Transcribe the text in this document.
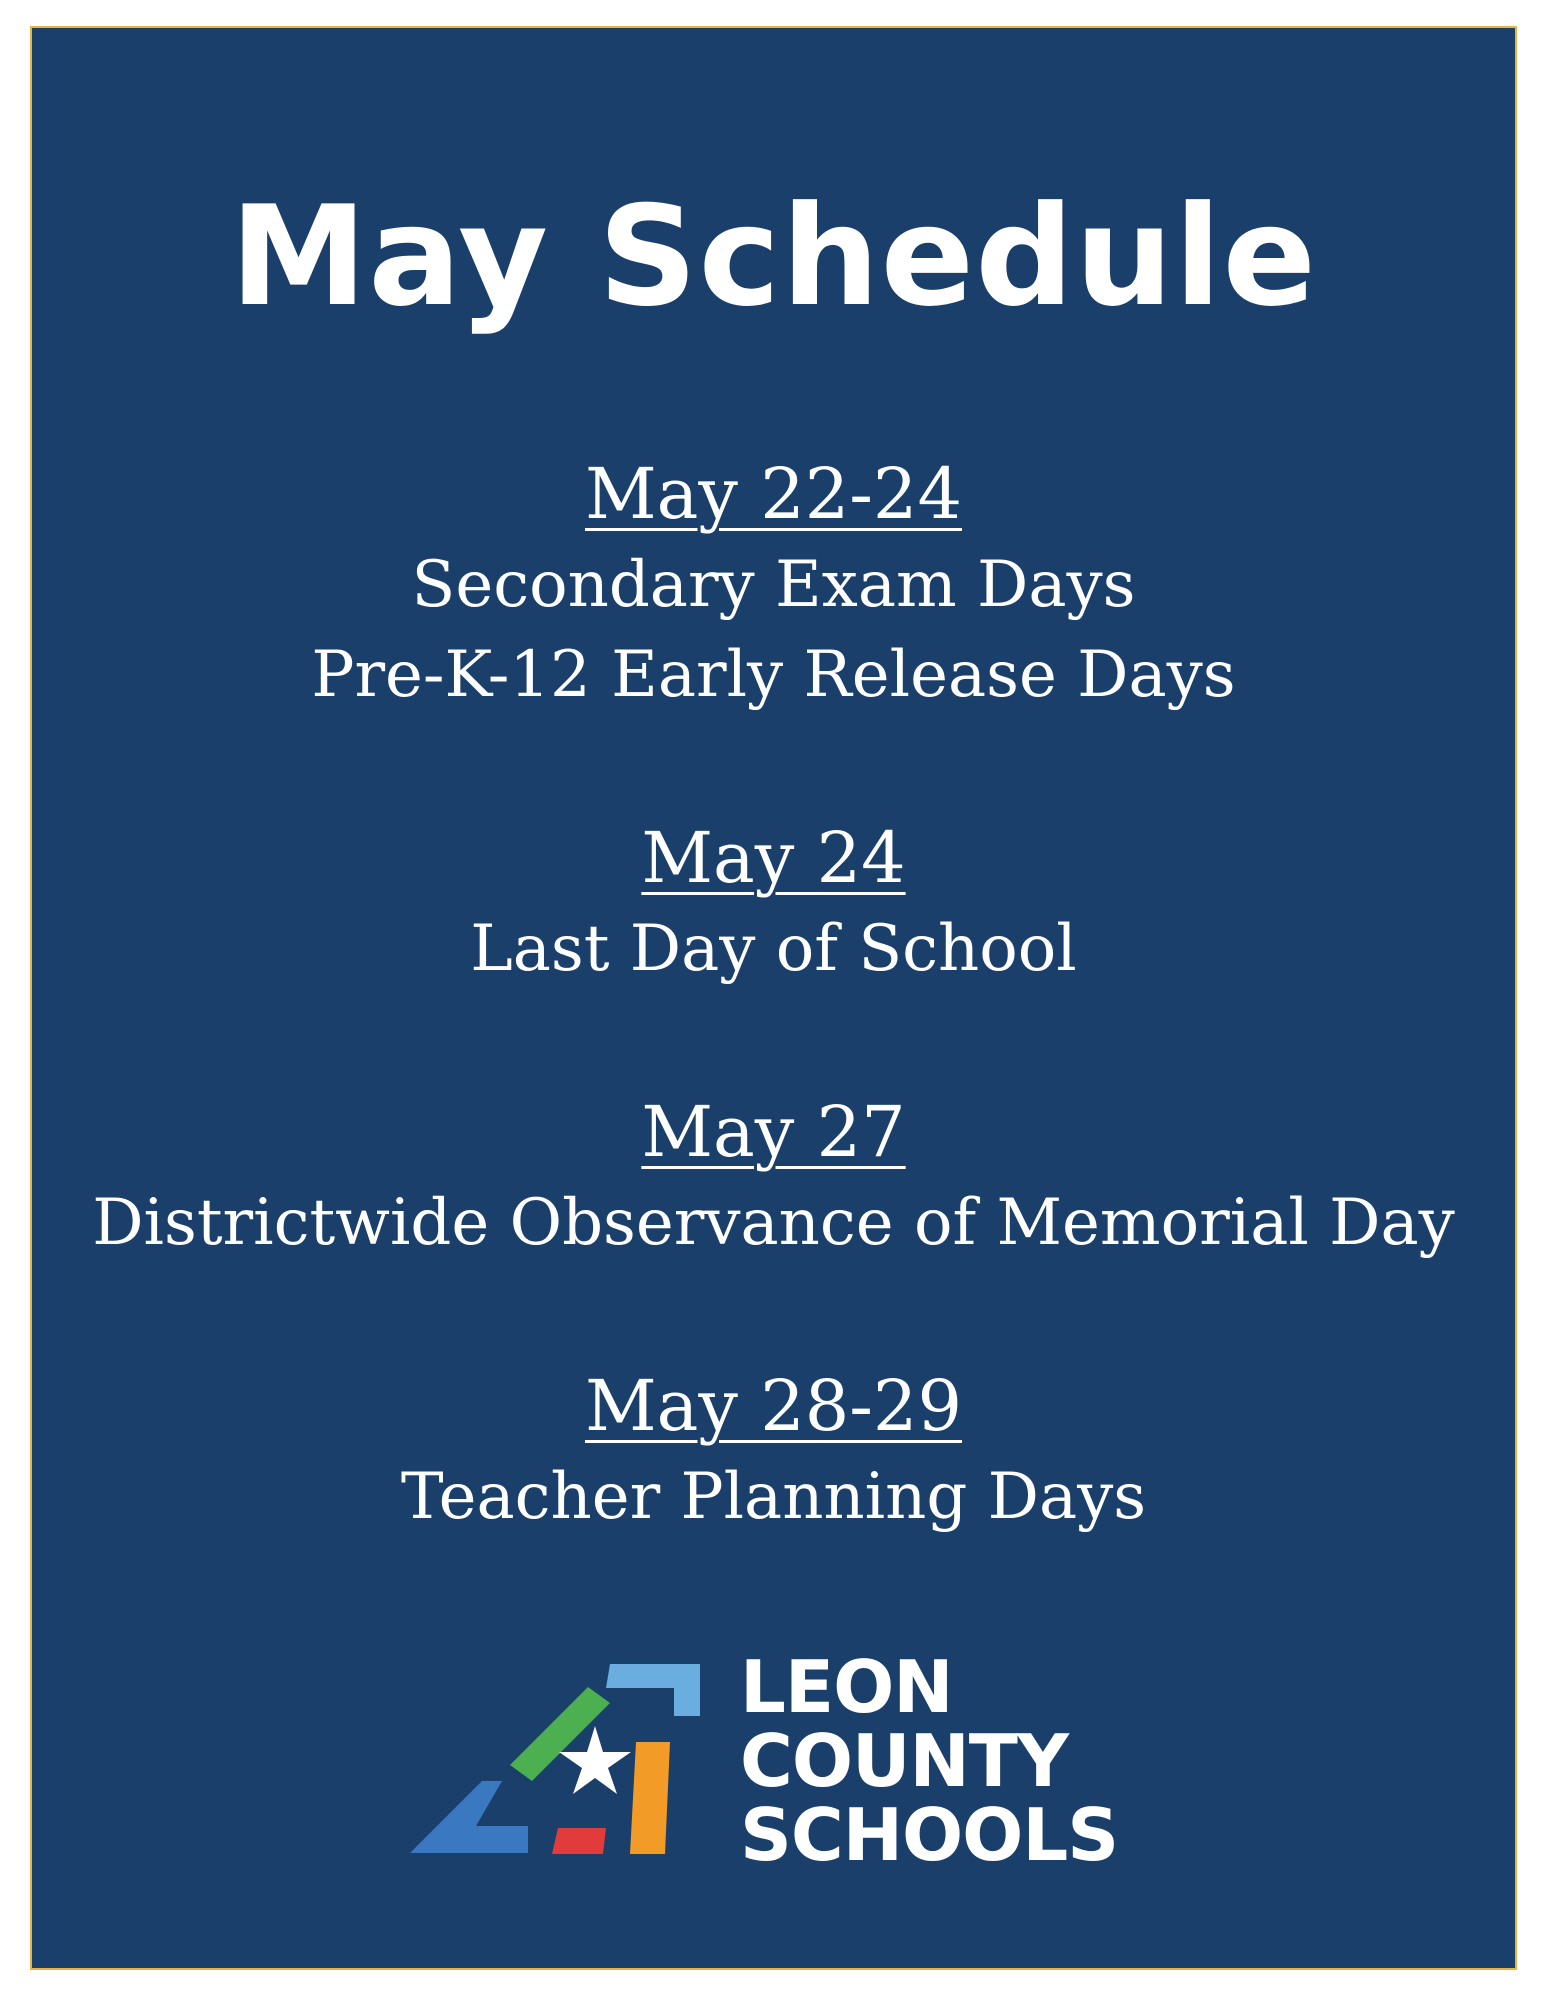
May Schedule
May 22-24
Secondary Exam Days
Pre-K-12 Early Release Days
May 24
Last Day of School
May 27
Districtwide Observance of Memorial Day
May 28-29
Teacher Planning Days
LEON
COUNTY
SCHOOLS
